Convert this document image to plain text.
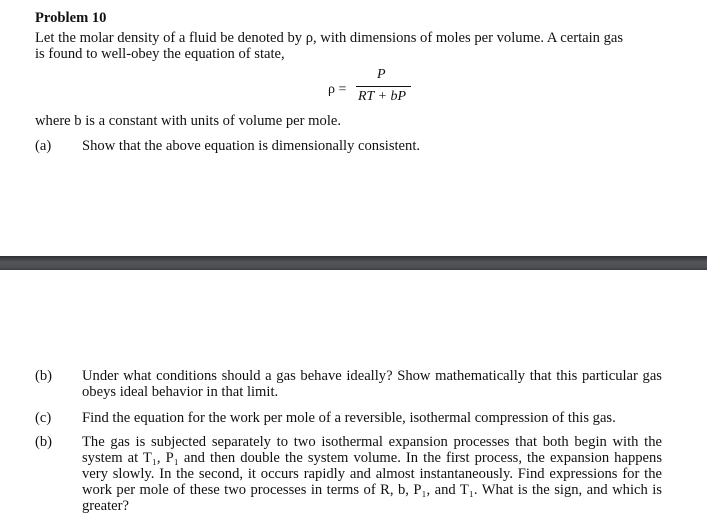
Problem 10
Let the molar density of a fluid be denoted by ρ, with dimensions of moles per volume. A certain gas
is found to well-obey the equation of state,
ρ =
P
RT + bP
where b is a constant with units of volume per mole.
(a) Show that the above equation is dimensionally consistent.
(b) Under what conditions should a gas behave ideally? Show mathematically that this particular gas obeys ideal behavior in that limit.
(c) Find the equation for the work per mole of a reversible, isothermal compression of this gas.
(b) The gas is subjected separately to two isothermal expansion processes that both begin with the system at T₁, P₁ and then double the system volume. In the first process, the expansion happens very slowly. In the second, it occurs rapidly and almost instantaneously. Find expressions for the work per mole of these two processes in terms of R, b, P₁, and T₁. What is the sign, and which is greater?
